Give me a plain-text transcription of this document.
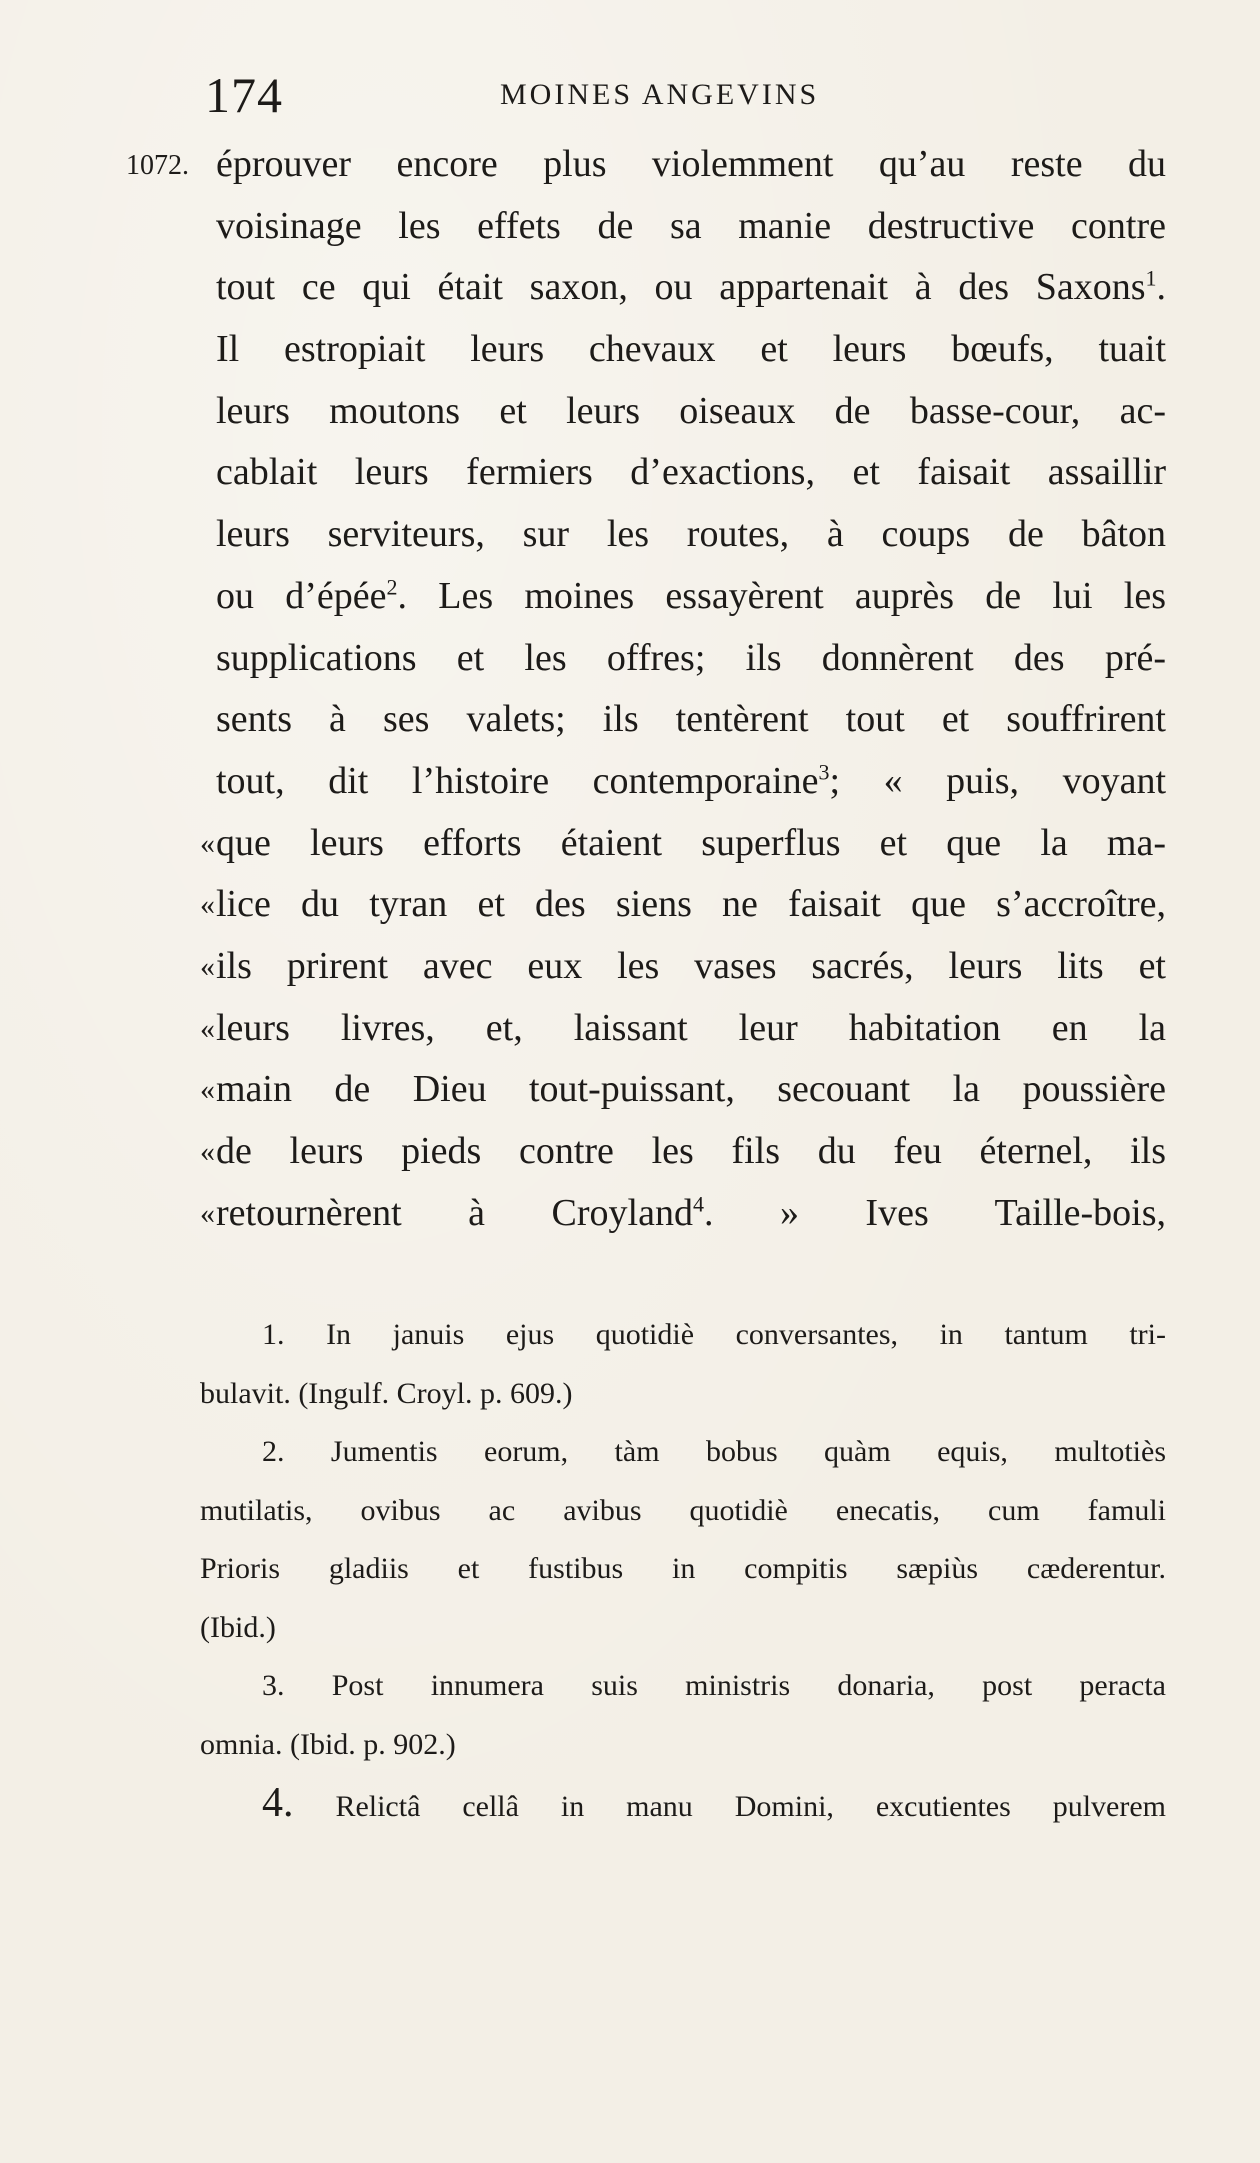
174	MOINES ANGEVINS
1072. éprouver encore plus violemment qu’au reste du
voisinage les effets de sa manie destructive contre
tout ce qui était saxon, ou appartenait à des Saxons$^1$.
Il estropiait leurs chevaux et leurs bœufs, tuait
leurs moutons et leurs oiseaux de basse-cour, ac-
cablait leurs fermiers d’exactions, et faisait assaillir
leurs serviteurs, sur les routes, à coups de bâton
ou d’épée$^2$. Les moines essayèrent auprès de lui les
supplications et les offres; ils donnèrent des pré-
sents à ses valets; ils tentèrent tout et souffrirent
tout, dit l’histoire contemporaine$^3$; « puis, voyant
« que leurs efforts étaient superflus et que la ma-
« lice du tyran et des siens ne faisait que s’accroître,
« ils prirent avec eux les vases sacrés, leurs lits et
« leurs livres, et, laissant leur habitation en la
« main de Dieu tout-puissant, secouant la poussière
« de leurs pieds contre les fils du feu éternel, ils
« retournèrent à Croyland$^4$. » Ives Taille-bois,
1. In januis ejus quotidiè conversantes, in tantum tri-
bulavit. (Ingulf. Croyl. p. 609.)
2. Jumentis eorum, tàm bobus quàm equis, multotiès
mutilatis, ovibus ac avibus quotidiè enecatis, cum famuli
Prioris gladiis et fustibus in compitis sæpiùs cæderentur.
(Ibid.)
3. Post innumera suis ministris donaria, post peracta
omnia. (Ibid. p. 902.)
4. Relictâ cellâ in manu Domini, excutientes pulverem
